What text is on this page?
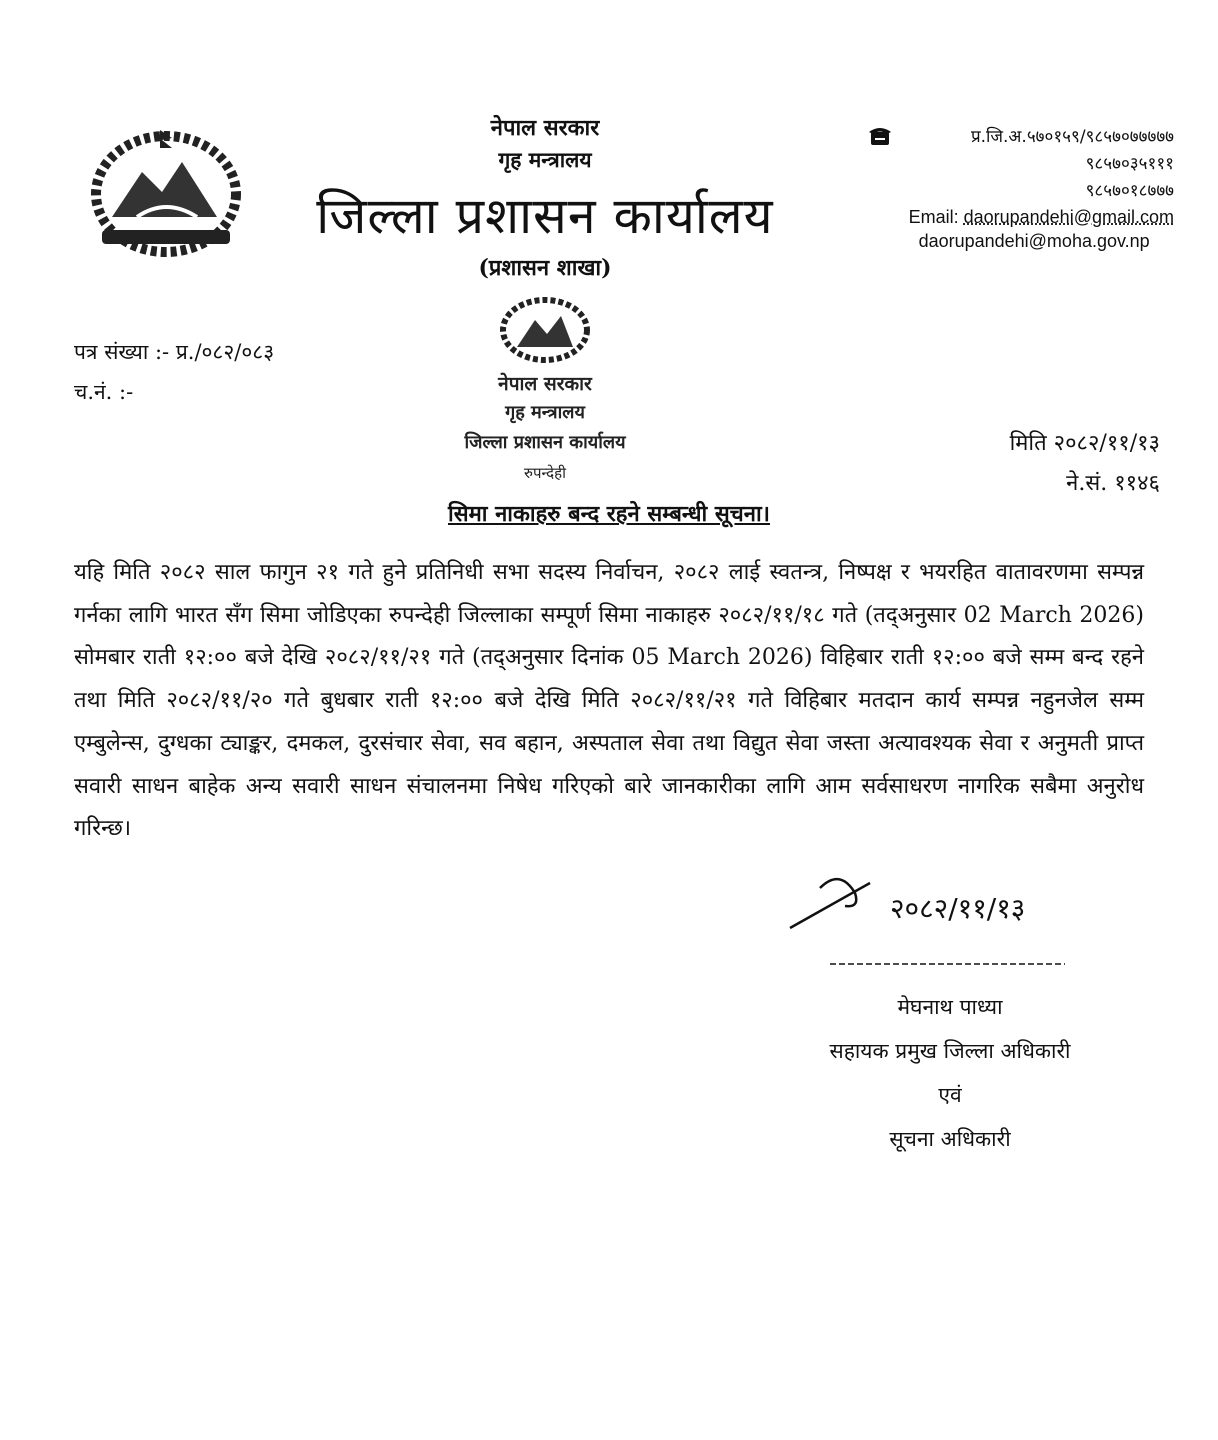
नेपाल सरकार
गृह मन्त्रालय
जिल्ला प्रशासन कार्यालय
(प्रशासन शाखा)
प्र.जि.अ.५७०१५९/९८५७०७७७७७
९८५७०३५१११
९८५७०१८७७७
Email: daorupandehi@gmail.com
daorupandehi@moha.gov.np
नेपाल सरकार
गृह मन्त्रालय
जिल्ला प्रशासन कार्यालय
रुपन्देही
पत्र संख्या :- प्र./०८२/०८३
च.नं. :-
मिति २०८२/११/१३
ने.सं. ११४६
सिमा नाकाहरु बन्द रहने सम्बन्धी सूचना।
यहि मिति २०८२ साल फागुन २१ गते हुने प्रतिनिधी सभा सदस्य निर्वाचन, २०८२ लाई स्वतन्त्र, निष्पक्ष र भयरहित वातावरणमा सम्पन्न गर्नका लागि भारत सँग सिमा जोडिएका रुपन्देही जिल्लाका सम्पूर्ण सिमा नाकाहरु २०८२/११/१८ गते (तद्अनुसार 02 March 2026) सोमबार राती १२:०० बजे देखि २०८२/११/२१ गते (तद्अनुसार दिनांक 05 March 2026) विहिबार राती १२:०० बजे सम्म बन्द रहने तथा मिति २०८२/११/२० गते बुधबार राती १२:०० बजे देखि मिति २०८२/११/२१ गते विहिबार मतदान कार्य सम्पन्न नहुनजेल सम्म एम्बुलेन्स, दुग्धका ट्याङ्कर, दमकल, दुरसंचार सेवा, सव बहान, अस्पताल सेवा तथा विद्युत सेवा जस्ता अत्यावश्यक सेवा र अनुमती प्राप्त सवारी साधन बाहेक अन्य सवारी साधन संचालनमा निषेध गरिएको बारे जानकारीका लागि आम सर्वसाधरण नागरिक सबैमा अनुरोध गरिन्छ।
२०८२/११/१३
मेघनाथ पाध्या
सहायक प्रमुख जिल्ला अधिकारी
एवं
सूचना अधिकारी
